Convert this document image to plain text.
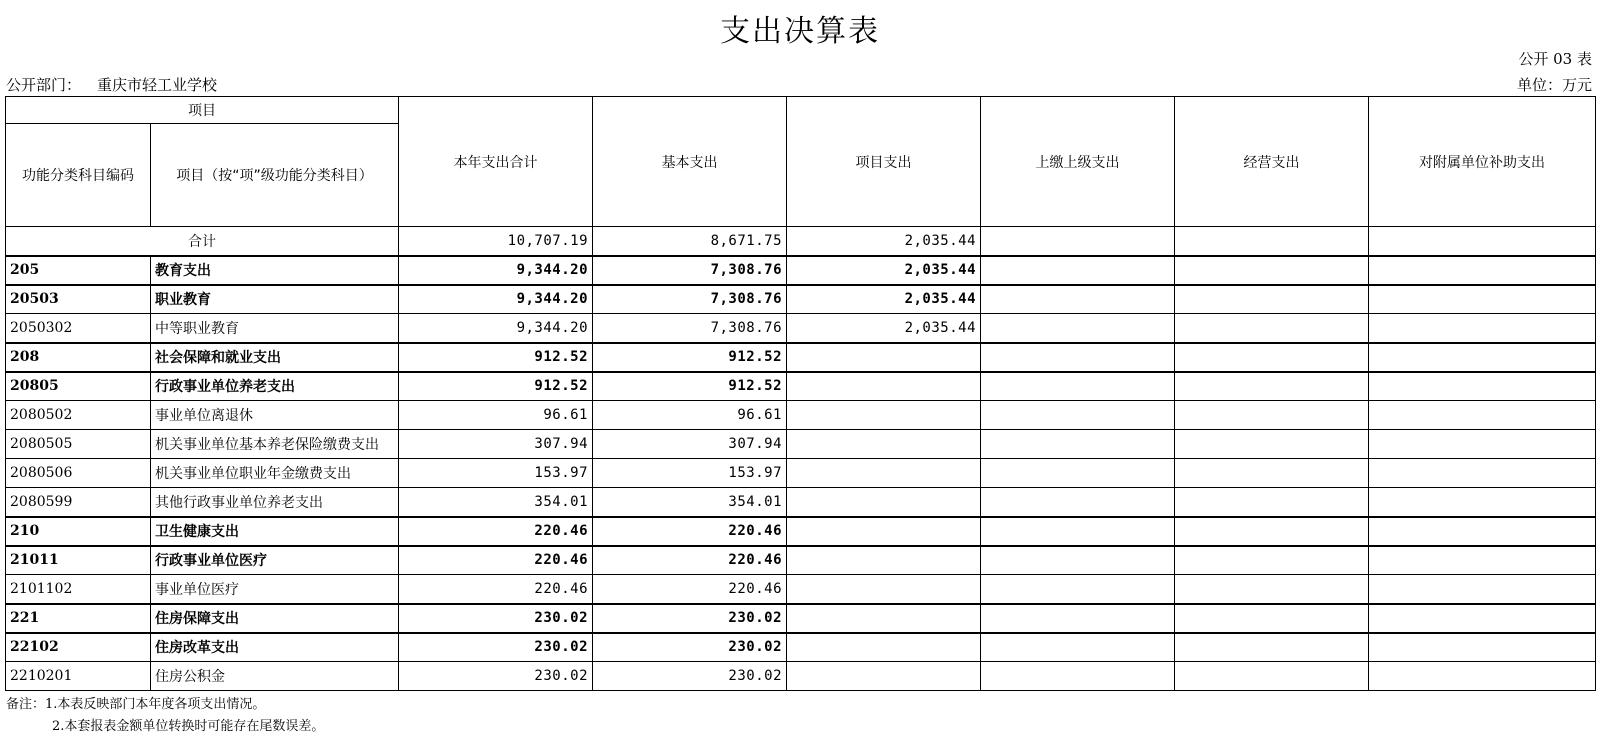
支出决算表
公开 03 表
公开部门： 重庆市轻工业学校	单位：万元
项目		本年支出合计	基本支出	项目支出	上缴上级支出	经营支出	对附属单位补助支出
功能分类科目编码	项目（按“项”级功能分类科目）						
合计		10,707.19	8,671.75	2,035.44			
205	教育支出	9,344.20	7,308.76	2,035.44			
20503	职业教育	9,344.20	7,308.76	2,035.44			
2050302	中等职业教育	9,344.20	7,308.76	2,035.44			
208	社会保障和就业支出	912.52	912.52				
20805	行政事业单位养老支出	912.52	912.52				
2080502	事业单位离退休	96.61	96.61				
2080505	机关事业单位基本养老保险缴费支出	307.94	307.94				
2080506	机关事业单位职业年金缴费支出	153.97	153.97				
2080599	其他行政事业单位养老支出	354.01	354.01				
210	卫生健康支出	220.46	220.46				
21011	行政事业单位医疗	220.46	220.46				
2101102	事业单位医疗	220.46	220.46				
221	住房保障支出	230.02	230.02				
22102	住房改革支出	230.02	230.02				
2210201	住房公积金	230.02	230.02				
备注：1.本表反映部门本年度各项支出情况。
2.本套报表金额单位转换时可能存在尾数误差。
